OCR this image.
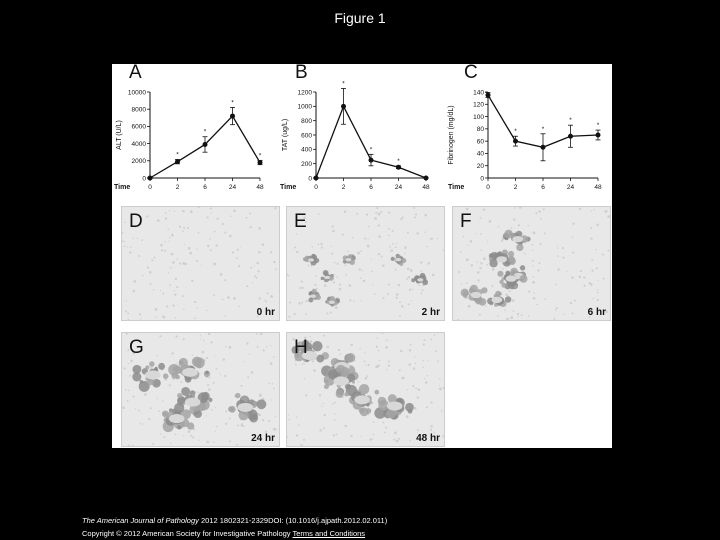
Figure 1
A
0
2000
4000
6000
8000
10000
0	2	6	24	48
Time
ALT (U/L)
*
*
*
*
B
0
200
400
600
800
1000
1200
0	2	6	24	48
Time
TAT (ug/L)
*
*
*
C
0
20
40
60
80
100
120
140
0	2	6	24	48
Time
Fibrinogen (mg/dL)	*	*
*
*
D
0 hr
E
2 hr
F
6 hr
G
24 hr
H
48 hr
The American Journal of Pathology 2012 1802321-2329DOI: (10.1016/j.ajpath.2012.02.011)
Copyright © 2012 American Society for Investigative Pathology Terms and Conditions
